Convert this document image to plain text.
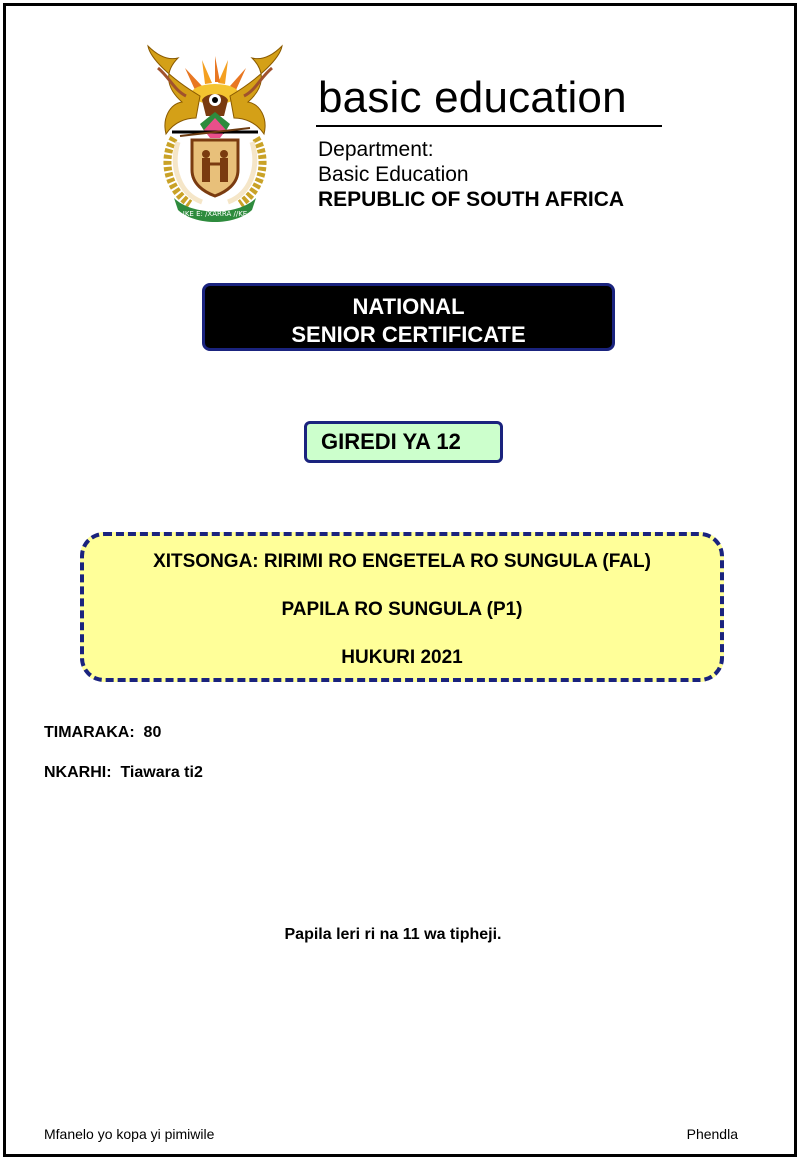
IKE E: /XARRA //KE
basic education
Department:
Basic Education
REPUBLIC OF SOUTH AFRICA
NATIONAL
SENIOR CERTIFICATE
GIREDI YA 12
XITSONGA: RIRIMI RO ENGETELA RO SUNGULA (FAL)
PAPILA RO SUNGULA (P1)
HUKURI 2021
TIMARAKA: 80
NKARHI: Tiawara ti2
Papila leri ri na 11 wa tipheji.
Mfanelo yo kopa yi pimiwile	Phendla
